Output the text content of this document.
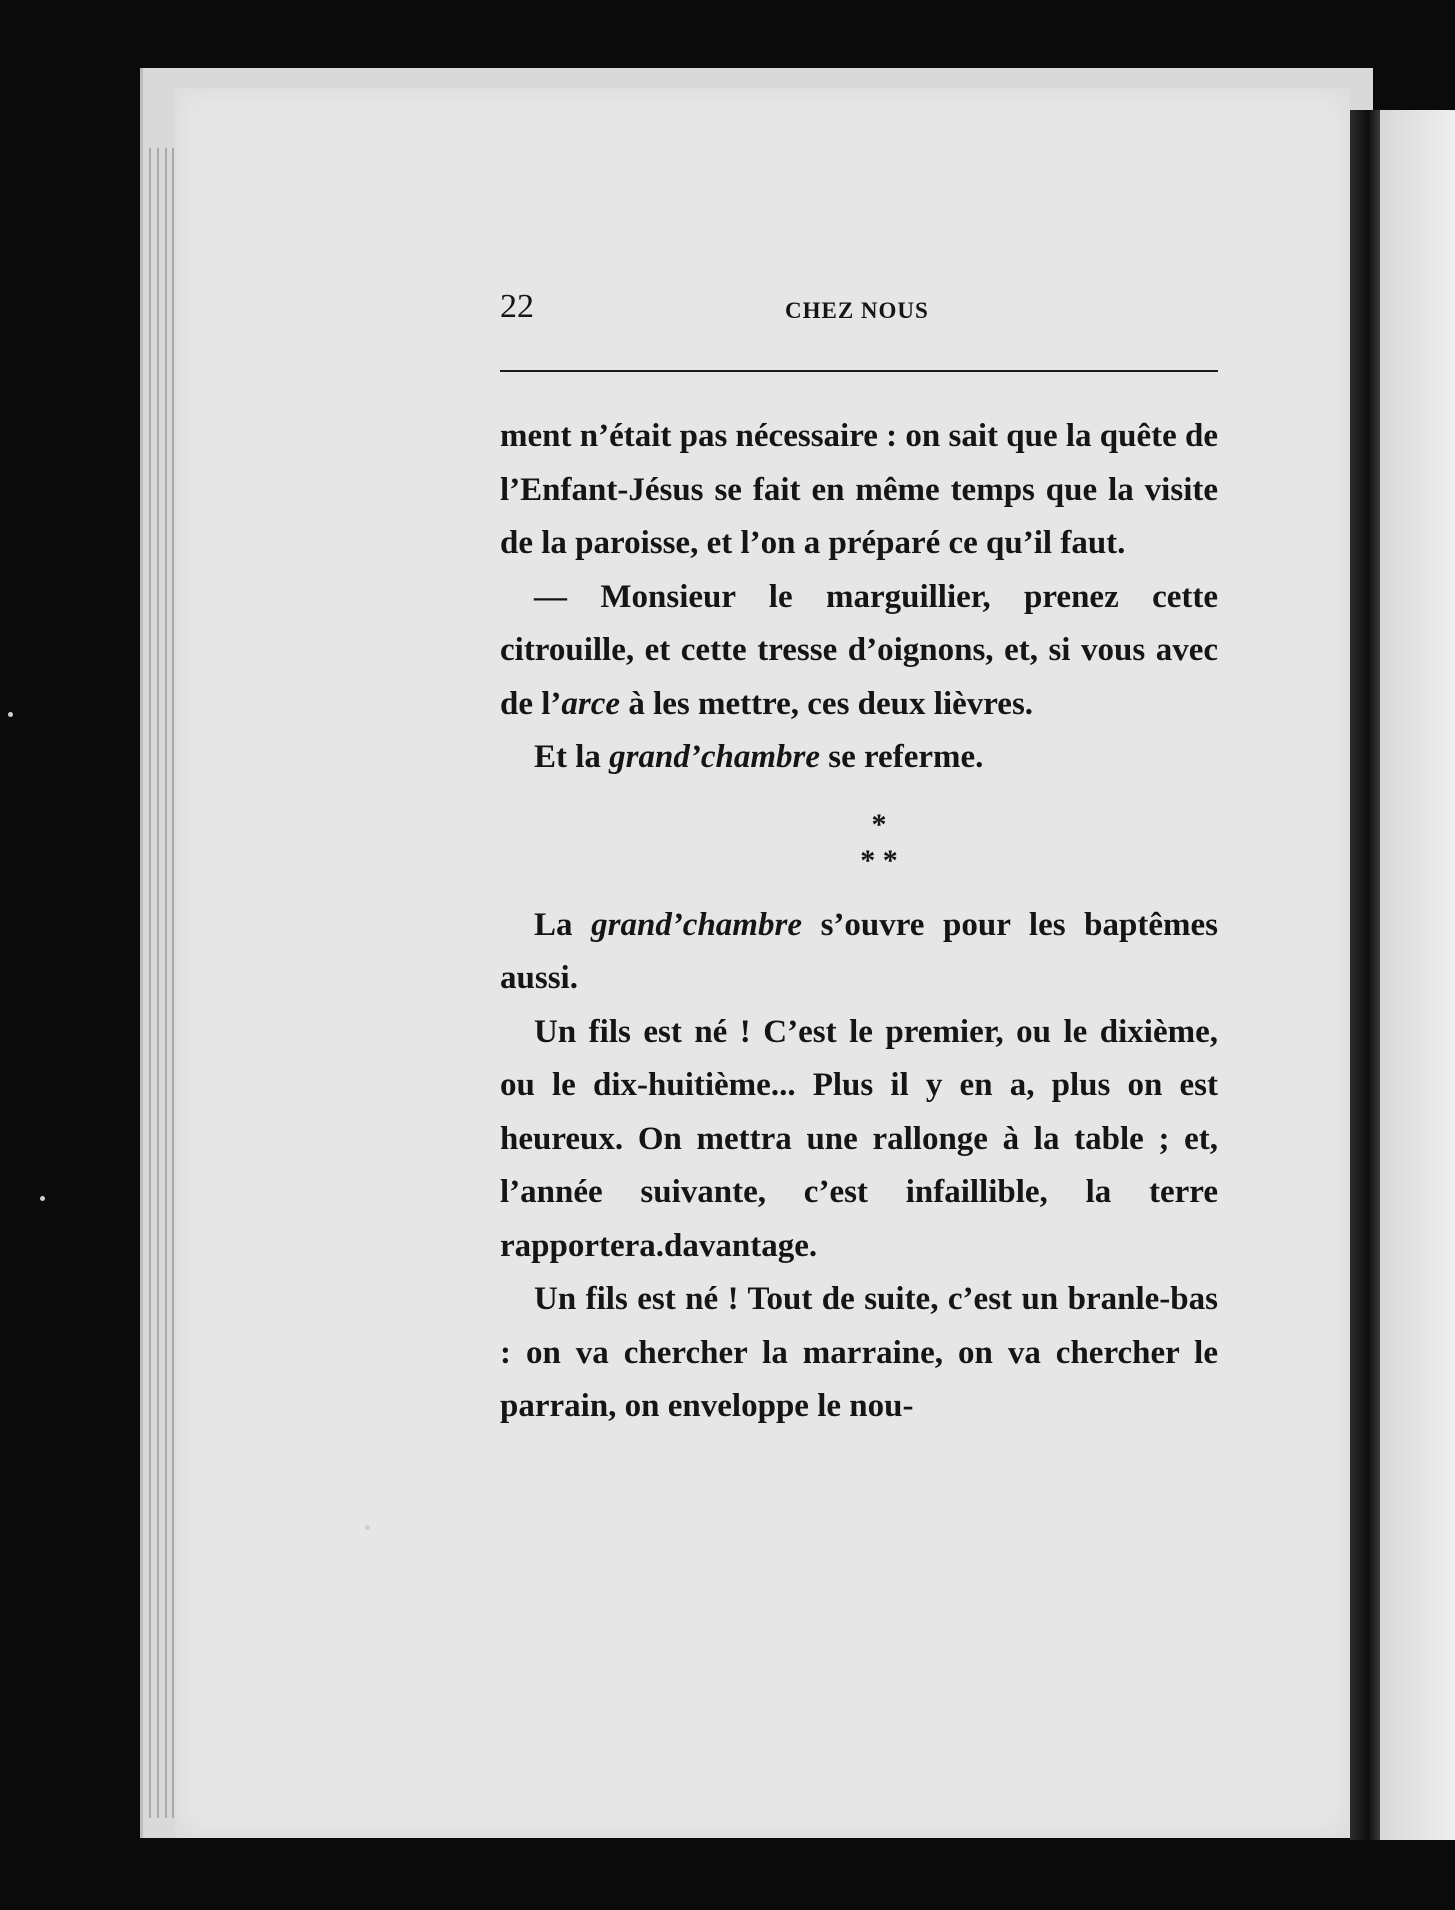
22	CHEZ NOUS

ment n’était pas nécessaire : on sait que la quête de l’Enfant-Jésus se fait en même temps que la visite de la paroisse, et l’on a préparé ce qu’il faut.

— Monsieur le marguillier, prenez cette citrouille, et cette tresse d’oignons, et, si vous avec de l’arce à les mettre, ces deux lièvres.

Et la grand’chambre se referme.

*
* *

La grand’chambre s’ouvre pour les baptêmes aussi.

Un fils est né ! C’est le premier, ou le dixième, ou le dix-huitième... Plus il y en a, plus on est heureux. On mettra une rallonge à la table ; et, l’année suivante, c’est infaillible, la terre rapportera.davantage.

Un fils est né ! Tout de suite, c’est un branle-bas : on va chercher la marraine, on va chercher le parrain, on enveloppe le nou-
